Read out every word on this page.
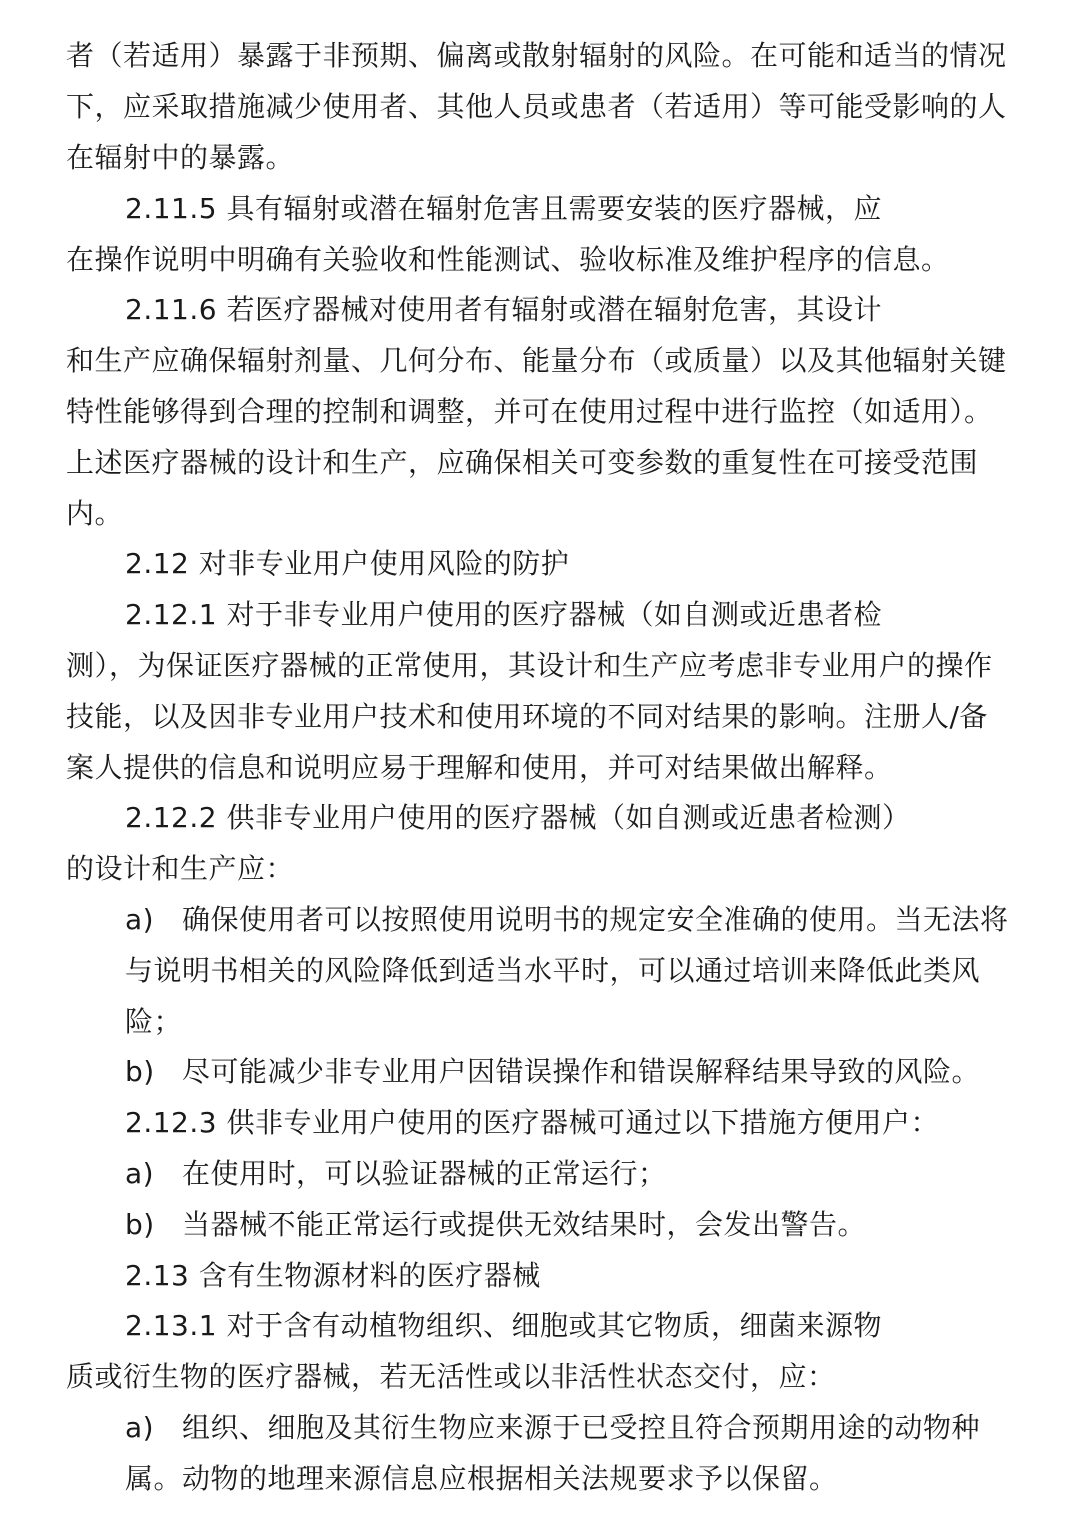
者（若适用）暴露于非预期、偏离或散射辐射的风险。在可能和适当的情况
下，应采取措施减少使用者、其他人员或患者（若适用）等可能受影响的人
在辐射中的暴露。
2.11.5 具有辐射或潜在辐射危害且需要安装的医疗器械，应
在操作说明中明确有关验收和性能测试、验收标准及维护程序的信息。
2.11.6 若医疗器械对使用者有辐射或潜在辐射危害，其设计
和生产应确保辐射剂量、几何分布、能量分布（或质量）以及其他辐射关键
特性能够得到合理的控制和调整，并可在使用过程中进行监控（如适用）。
上述医疗器械的设计和生产，应确保相关可变参数的重复性在可接受范围
内。
2.12 对非专业用户使用风险的防护
2.12.1 对于非专业用户使用的医疗器械（如自测或近患者检
测），为保证医疗器械的正常使用，其设计和生产应考虑非专业用户的操作
技能，以及因非专业用户技术和使用环境的不同对结果的影响。注册人/备
案人提供的信息和说明应易于理解和使用，并可对结果做出解释。
2.12.2 供非专业用户使用的医疗器械（如自测或近患者检测）
的设计和生产应：
a) 确保使用者可以按照使用说明书的规定安全准确的使用。当无法将
与说明书相关的风险降低到适当水平时，可以通过培训来降低此类风
险；
b) 尽可能减少非专业用户因错误操作和错误解释结果导致的风险。
2.12.3 供非专业用户使用的医疗器械可通过以下措施方便用户：
a) 在使用时，可以验证器械的正常运行；
b) 当器械不能正常运行或提供无效结果时，会发出警告。
2.13 含有生物源材料的医疗器械
2.13.1 对于含有动植物组织、细胞或其它物质，细菌来源物
质或衍生物的医疗器械，若无活性或以非活性状态交付，应：
a) 组织、细胞及其衍生物应来源于已受控且符合预期用途的动物种
属。动物的地理来源信息应根据相关法规要求予以保留。
